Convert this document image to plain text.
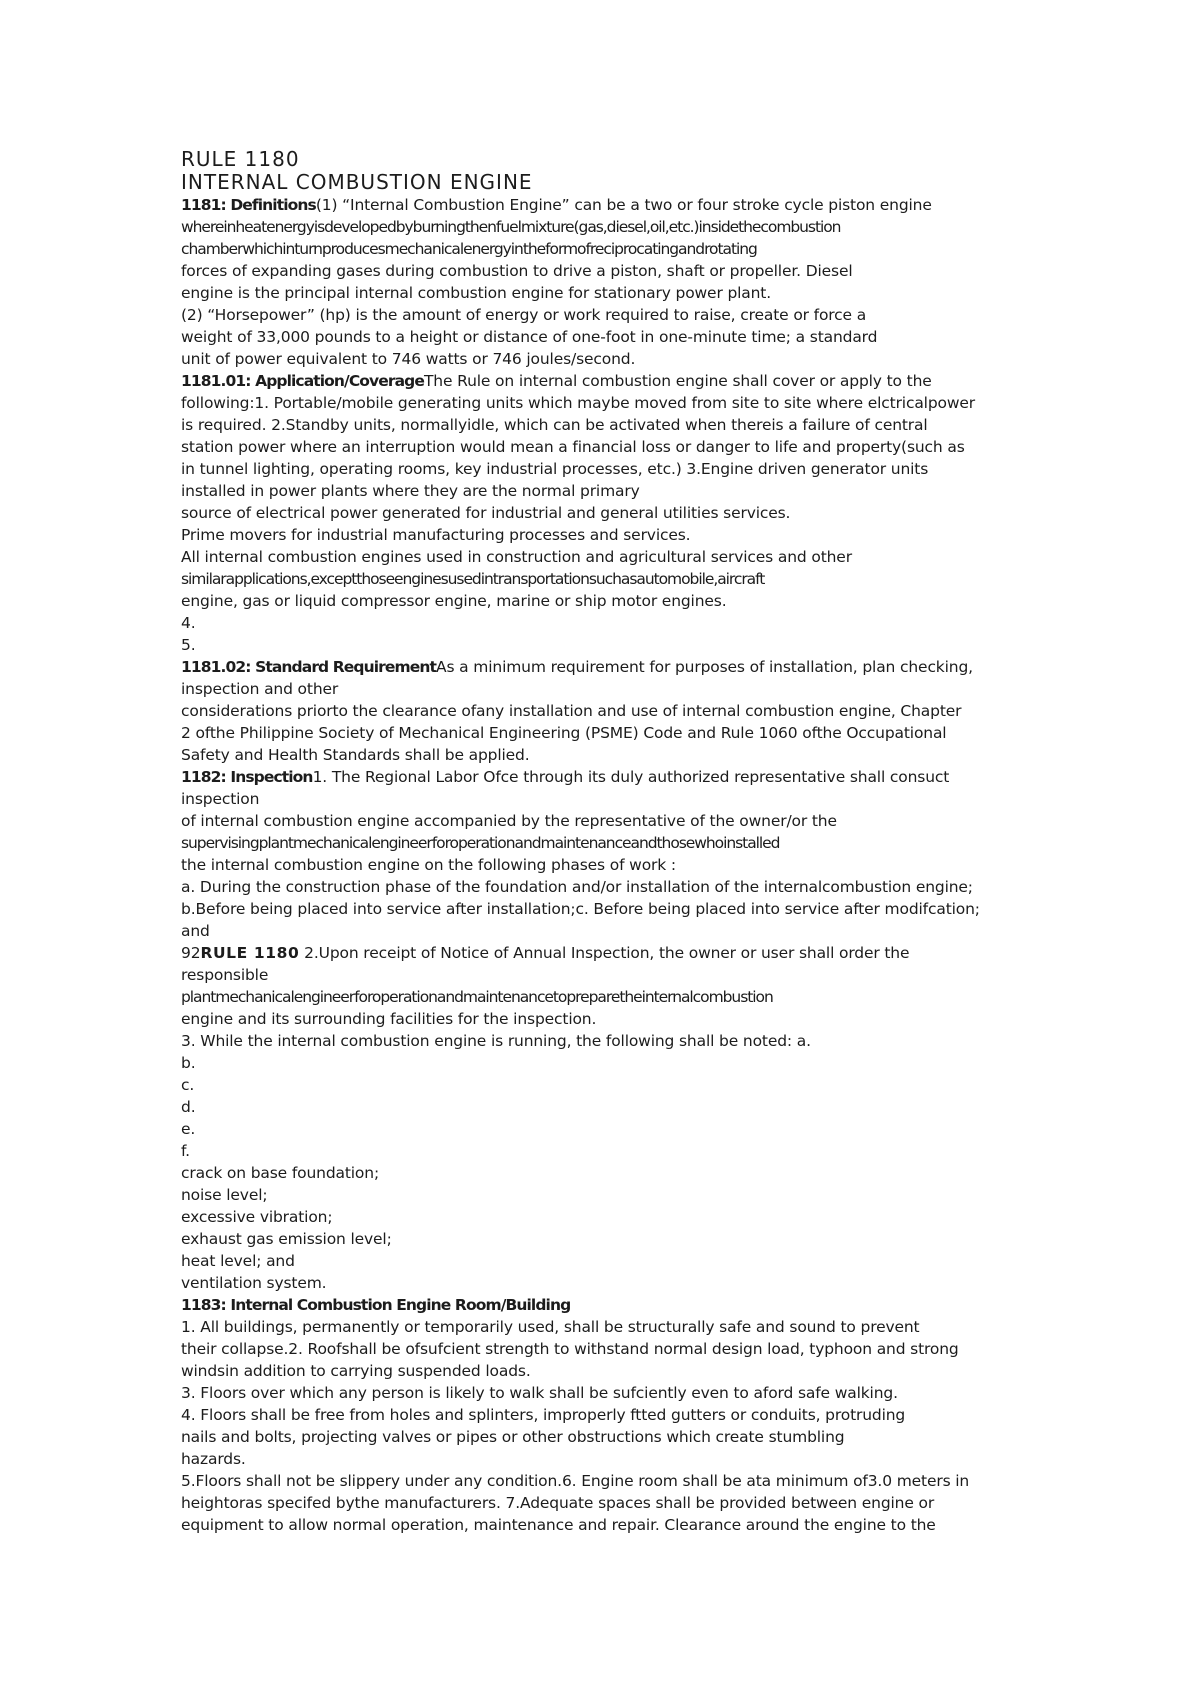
RULE 1180
INTERNAL COMBUSTION ENGINE
1181: Definitions(1) “Internal Combustion Engine” can be a two or four stroke cycle piston engine
whereinheatenergyisdevelopedbyburningthenfuelmixture(gas,diesel,oil,etc.)insidethecombustion
chamberwhichinturnproducesmechanicalenergyintheformofreciprocatingandrotating
forces of expanding gases during combustion to drive a piston, shaft or propeller. Diesel
engine is the principal internal combustion engine for stationary power plant.
(2) “Horsepower” (hp) is the amount of energy or work required to raise, create or force a
weight of 33,000 pounds to a height or distance of one-foot in one-minute time; a standard
unit of power equivalent to 746 watts or 746 joules/second.
1181.01: Application/CoverageThe Rule on internal combustion engine shall cover or apply to the
following:1. Portable/mobile generating units which maybe moved from site to site where elctricalpower
is required. 2.Standby units, normallyidle, which can be activated when thereis a failure of central
station power where an interruption would mean a financial loss or danger to life and property(such as
in tunnel lighting, operating rooms, key industrial processes, etc.) 3.Engine driven generator units
installed in power plants where they are the normal primary
source of electrical power generated for industrial and general utilities services.
Prime movers for industrial manufacturing processes and services.
All internal combustion engines used in construction and agricultural services and other
similarapplications,exceptthoseenginesusedintransportationsuchasautomobile,aircraft
engine, gas or liquid compressor engine, marine or ship motor engines.
4.
5.
1181.02: Standard RequirementAs a minimum requirement for purposes of installation, plan checking,
inspection and other
considerations priorto the clearance ofany installation and use of internal combustion engine, Chapter
2 ofthe Philippine Society of Mechanical Engineering (PSME) Code and Rule 1060 ofthe Occupational
Safety and Health Standards shall be applied.
1182: Inspection1. The Regional Labor Ofce through its duly authorized representative shall consuct
inspection
of internal combustion engine accompanied by the representative of the owner/or the
supervisingplantmechanicalengineerforoperationandmaintenanceandthosewhoinstalled
the internal combustion engine on the following phases of work :
a. During the construction phase of the foundation and/or installation of the internalcombustion engine;
b.Before being placed into service after installation;c. Before being placed into service after modifcation;
and
92RULE 1180 2.Upon receipt of Notice of Annual Inspection, the owner or user shall order the
responsible
plantmechanicalengineerforoperationandmaintenancetopreparetheinternalcombustion
engine and its surrounding facilities for the inspection.
3. While the internal combustion engine is running, the following shall be noted: a.
b.
c.
d.
e.
f.
crack on base foundation;
noise level;
excessive vibration;
exhaust gas emission level;
heat level; and
ventilation system.
1183: Internal Combustion Engine Room/Building
1. All buildings, permanently or temporarily used, shall be structurally safe and sound to prevent
their collapse.2. Roofshall be ofsufcient strength to withstand normal design load, typhoon and strong
windsin addition to carrying suspended loads.
3. Floors over which any person is likely to walk shall be sufciently even to aford safe walking.
4. Floors shall be free from holes and splinters, improperly ftted gutters or conduits, protruding
nails and bolts, projecting valves or pipes or other obstructions which create stumbling
hazards.
5.Floors shall not be slippery under any condition.6. Engine room shall be ata minimum of3.0 meters in
heightoras specifed bythe manufacturers. 7.Adequate spaces shall be provided between engine or
equipment to allow normal operation, maintenance and repair. Clearance around the engine to the
